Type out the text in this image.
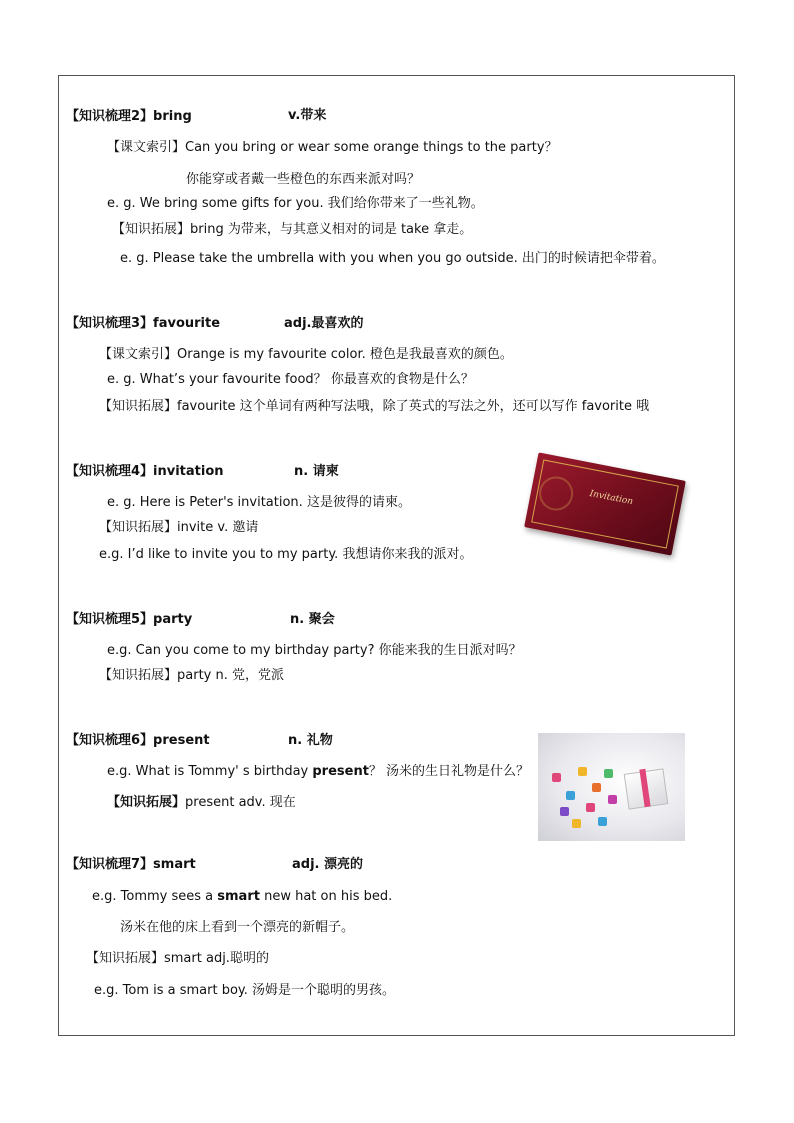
【知识梳理2】bring	v.带来
【课文索引】Can you bring or wear some orange things to the party？
你能穿或者戴一些橙色的东西来派对吗？
e. g. We bring some gifts for you. 我们给你带来了一些礼物。
【知识拓展】bring 为带来，与其意义相对的词是 take 拿走。
e. g. Please take the umbrella with you when you go outside. 出门的时候请把伞带着。
【知识梳理3】favourite	adj.最喜欢的
【课文索引】Orange is my favourite color. 橙色是我最喜欢的颜色。
e. g. What’s your favourite food？ 你最喜欢的食物是什么？
【知识拓展】favourite 这个单词有两种写法哦，除了英式的写法之外，还可以写作 favorite 哦
【知识梳理4】invitation	n. 请柬
e. g. Here is Peter's invitation. 这是彼得的请柬。
【知识拓展】invite v. 邀请
e.g. I’d like to invite you to my party. 我想请你来我的派对。
Invitation
【知识梳理5】party	n. 聚会
e.g. Can you come to my birthday party? 你能来我的生日派对吗？
【知识拓展】party n. 党，党派
【知识梳理6】present	n. 礼物
e.g. What is Tommy' s birthday present？ 汤米的生日礼物是什么？
【知识拓展】present adv. 现在
【知识梳理7】smart	adj. 漂亮的
e.g. Tommy sees a smart new hat on his bed.
汤米在他的床上看到一个漂亮的新帽子。
【知识拓展】smart adj.聪明的
e.g. Tom is a smart boy. 汤姆是一个聪明的男孩。
